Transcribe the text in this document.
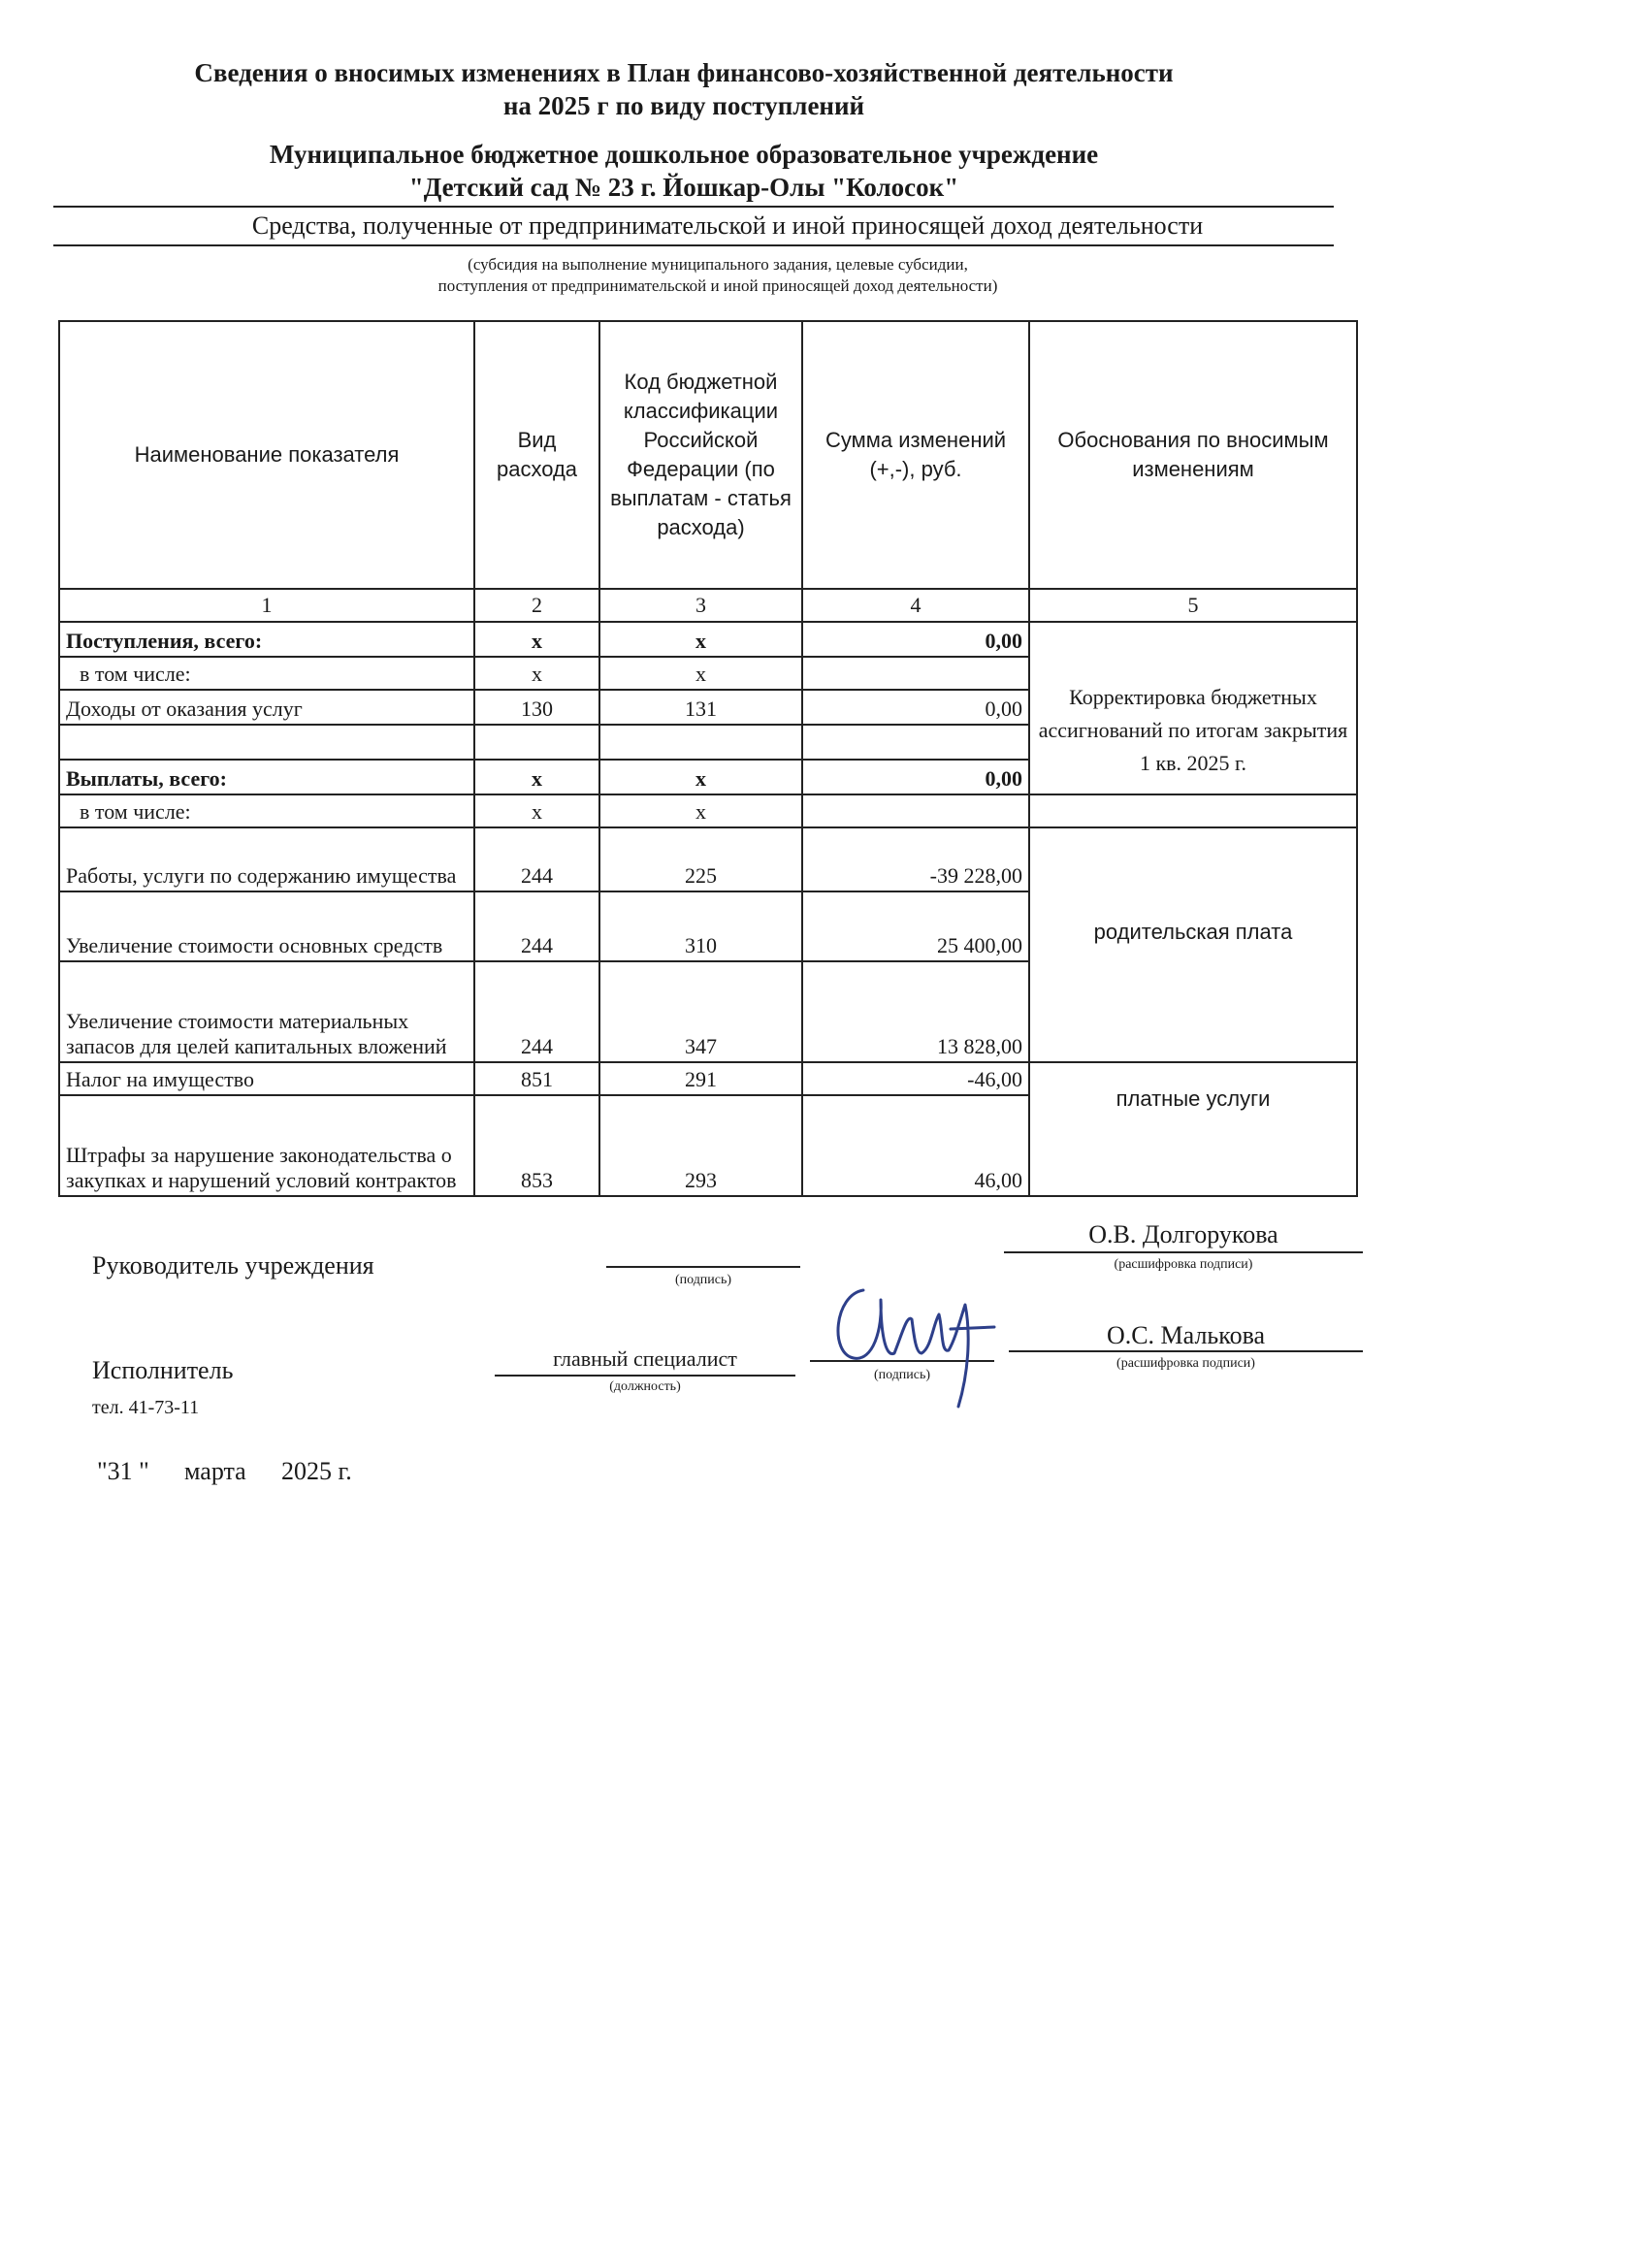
Сведения о вносимых изменениях в План финансово-хозяйственной деятельности
на 2025 г по виду поступлений
Муниципальное бюджетное дошкольное образовательное учреждение
"Детский сад № 23 г. Йошкар-Олы "Колосок"
Средства, полученные от предпринимательской и иной приносящей доход деятельности
(субсидия на выполнение муниципального задания, целевые субсидии,
поступления от предпринимательской и иной приносящей доход деятельности)
Наименование показателя	Вид расхода	Код бюджетной классификации Российской Федерации (по выплатам - статья расхода)	Сумма изменений (+,-), руб.	Обоснования по вносимым изменениям
1	2	3	4	5
Поступления, всего:	x	x	0,00	Корректировка бюджетных ассигнований по итогам закрытия 1 кв. 2025 г.
в том числе:	x	x		
Доходы от оказания услуг	130	131	0,00	

Выплаты, всего:	x	x	0,00	
в том числе:	x	x		
Работы, услуги по содержанию имущества	244	225	-39 228,00	родительская плата
Увеличение стоимости основных средств	244	310	25 400,00	
Увеличение стоимости материальных запасов для целей капитальных вложений	244	347	13 828,00	
Налог на имущество	851	291	-46,00	платные услуги
Штрафы за нарушение законодательства о закупках и нарушений условий контрактов	853	293	46,00	
Руководитель учреждения
(подпись)
О.В. Долгорукова
(расшифровка подписи)
Исполнитель
тел. 41-73-11
главный специалист
(должность)
(подпись)
О.С. Малькова
(расшифровка подписи)
"31 " марта 2025 г.
